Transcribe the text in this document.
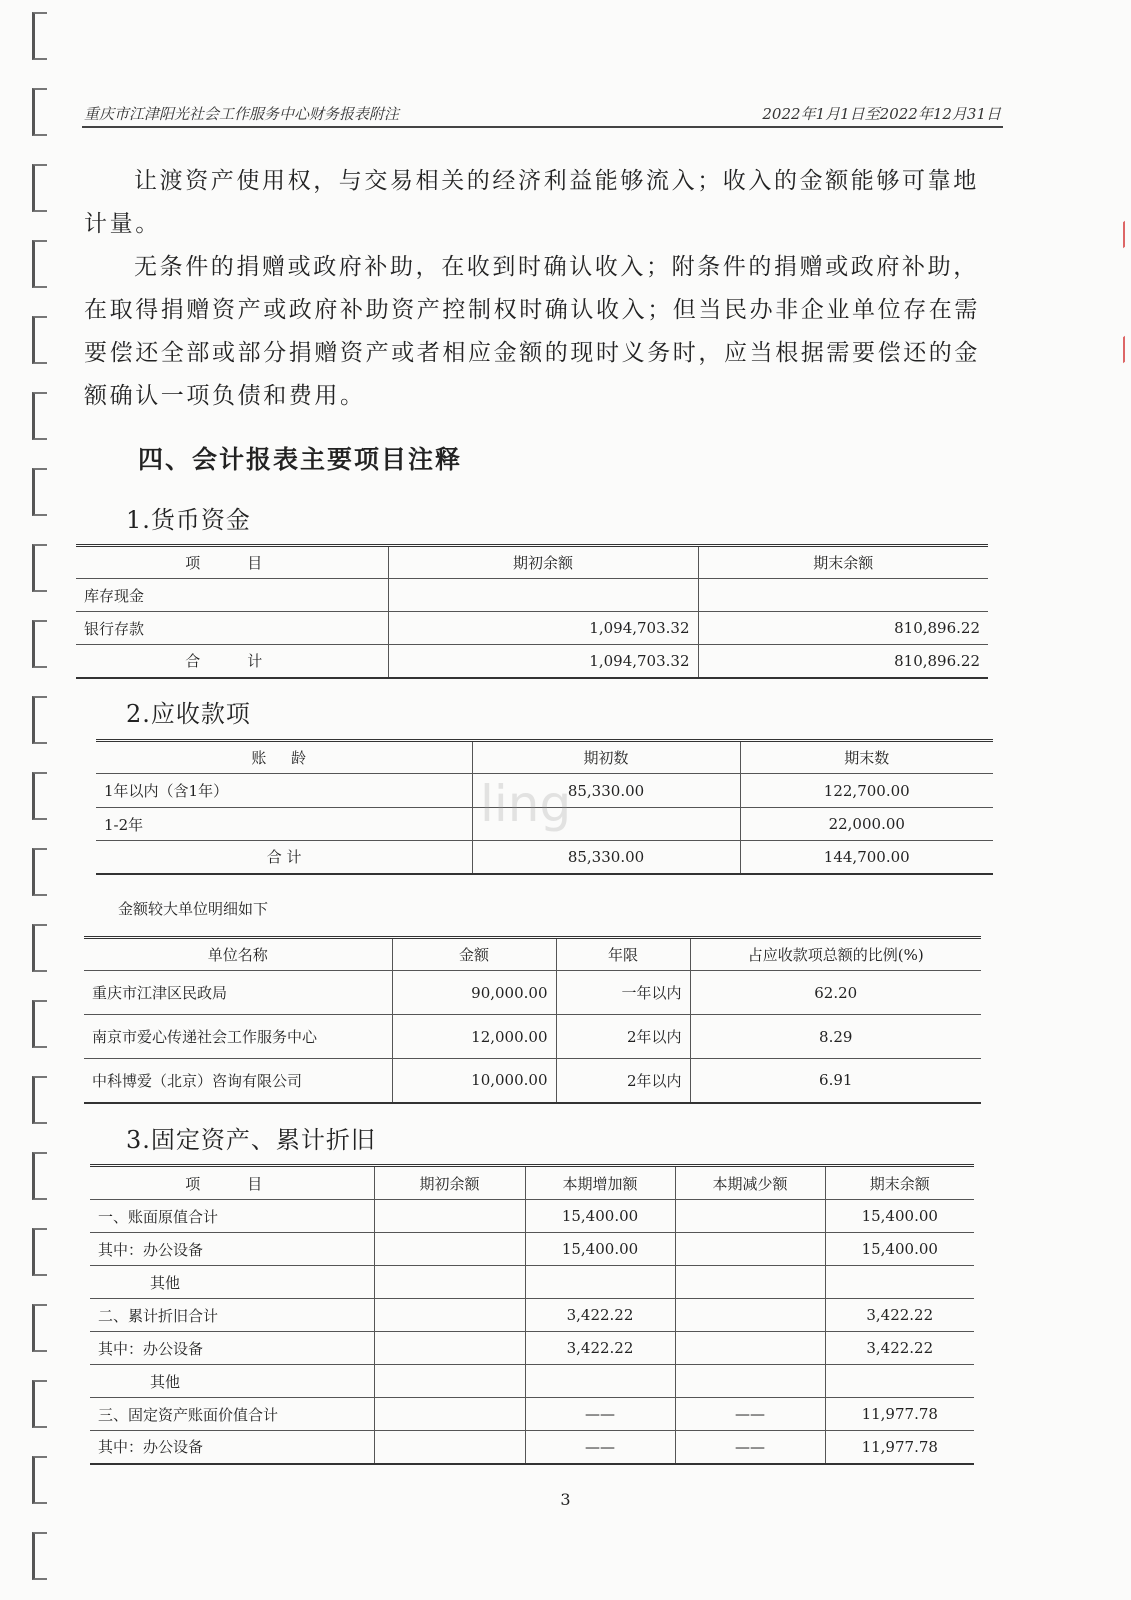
重庆市江津阳光社会工作服务中心财务报表附注	2022年1月1日至2022年12月31日
让渡资产使用权，与交易相关的经济利益能够流入；收入的金额能够可靠地计量。
无条件的捐赠或政府补助，在收到时确认收入；附条件的捐赠或政府补助，在取得捐赠资产或政府补助资产控制权时确认收入；但当民办非企业单位存在需要偿还全部或部分捐赠资产或者相应金额的现时义务时，应当根据需要偿还的金额确认一项负债和费用。
四、会计报表主要项目注释
1.货币资金
项　目	期初余额	期末余额
库存现金		
银行存款	1,094,703.32	810,896.22
合　计	1,094,703.32	810,896.22
2.应收款项
账 龄	期初数	期末数
1年以内（含1年）	85,330.00	122,700.00
1-2年		22,000.00
合 计	85,330.00	144,700.00
金额较大单位明细如下
单位名称	金额	年限	占应收款项总额的比例(%)
重庆市江津区民政局	90,000.00	一年以内	62.20
南京市爱心传递社会工作服务中心	12,000.00	2年以内	8.29
中科博爱（北京）咨询有限公司	10,000.00	2年以内	6.91
3.固定资产、累计折旧
项　目	期初余额	本期增加额	本期减少额	期末余额
一、账面原值合计		15,400.00		15,400.00
其中：办公设备		15,400.00		15,400.00
其他				
二、累计折旧合计		3,422.22		3,422.22
其中：办公设备		3,422.22		3,422.22
其他				
三、固定资产账面价值合计		——	——	11,977.78
其中：办公设备		——	——	11,977.78
ling
3
